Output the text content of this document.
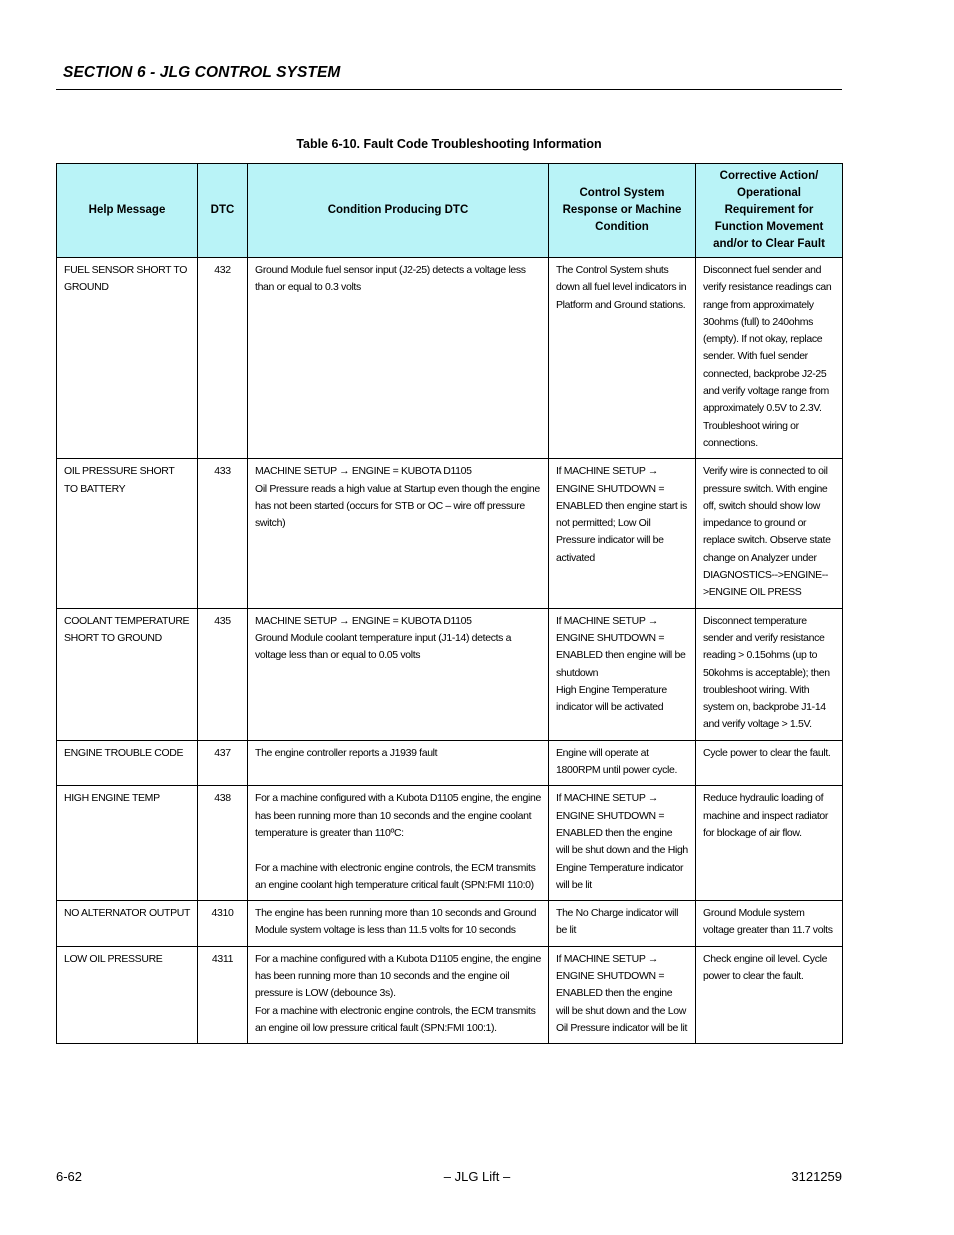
SECTION 6 - JLG CONTROL SYSTEM
Table 6-10. Fault Code Troubleshooting Information
Help Message	DTC	Condition Producing DTC	Control System Response or Machine Condition	Corrective Action/ Operational Requirement for Function Movement and/or to Clear Fault
FUEL SENSOR SHORT TO GROUND	432	Ground Module fuel sensor input (J2-25) detects a voltage less than or equal to 0.3 volts	The Control System shuts down all fuel level indicators in Platform and Ground stations.	Disconnect fuel sender and verify resistance readings can range from approximately 30ohms (full) to 240ohms (empty). If not okay, replace sender. With fuel sender connected, backprobe J2-25 and verify voltage range from approximately 0.5V to 2.3V. Troubleshoot wiring or connections.

OIL PRESSURE SHORT TO BATTERY	433	MACHINE SETUP → ENGINE = KUBOTA D1105
Oil Pressure reads a high value at Startup even though the engine has not been started (occurs for STB or OC – wire off pressure switch)	If MACHINE SETUP → ENGINE SHUTDOWN = ENABLED then engine start is not permitted; Low Oil Pressure indicator will be activated	Verify wire is connected to oil pressure switch. With engine off, switch should show low impedance to ground or replace switch. Observe state change on Analyzer under DIAGNOSTICS-->ENGINE-->ENGINE OIL PRESS

COOLANT TEMPERATURE SHORT TO GROUND	435	MACHINE SETUP → ENGINE = KUBOTA D1105
Ground Module coolant temperature input (J1-14) detects a voltage less than or equal to 0.05 volts	If MACHINE SETUP → ENGINE SHUTDOWN = ENABLED then engine will be shutdown
High Engine Temperature indicator will be activated	Disconnect temperature sender and verify resistance reading > 0.15ohms (up to 50kohms is acceptable); then troubleshoot wiring. With system on, backprobe J1-14 and verify voltage > 1.5V.

ENGINE TROUBLE CODE	437	The engine controller reports a J1939 fault	Engine will operate at 1800RPM until power cycle.	Cycle power to clear the fault.

HIGH ENGINE TEMP	438	For a machine configured with a Kubota D1105 engine, the engine has been running more than 10 seconds and the engine coolant temperature is greater than 110ºC:
For a machine with electronic engine controls, the ECM transmits an engine coolant high temperature critical fault (SPN:FMI 110:0)	If MACHINE SETUP → ENGINE SHUTDOWN = ENABLED then the engine will be shut down and the High Engine Temperature indicator will be lit	Reduce hydraulic loading of machine and inspect radiator for blockage of air flow.

NO ALTERNATOR OUTPUT	4310	The engine has been running more than 10 seconds and Ground Module system voltage is less than 11.5 volts for 10 seconds	The No Charge indicator will be lit	Ground Module system voltage greater than 11.7 volts

LOW OIL PRESSURE	4311	For a machine configured with a Kubota D1105 engine, the engine has been running more than 10 seconds and the engine oil pressure is LOW (debounce 3s).
For a machine with electronic engine controls, the ECM transmits an engine oil low pressure critical fault (SPN:FMI 100:1).	If MACHINE SETUP → ENGINE SHUTDOWN = ENABLED then the engine will be shut down and the Low Oil Pressure indicator will be lit	Check engine oil level. Cycle power to clear the fault.
6-62	– JLG Lift –	3121259
